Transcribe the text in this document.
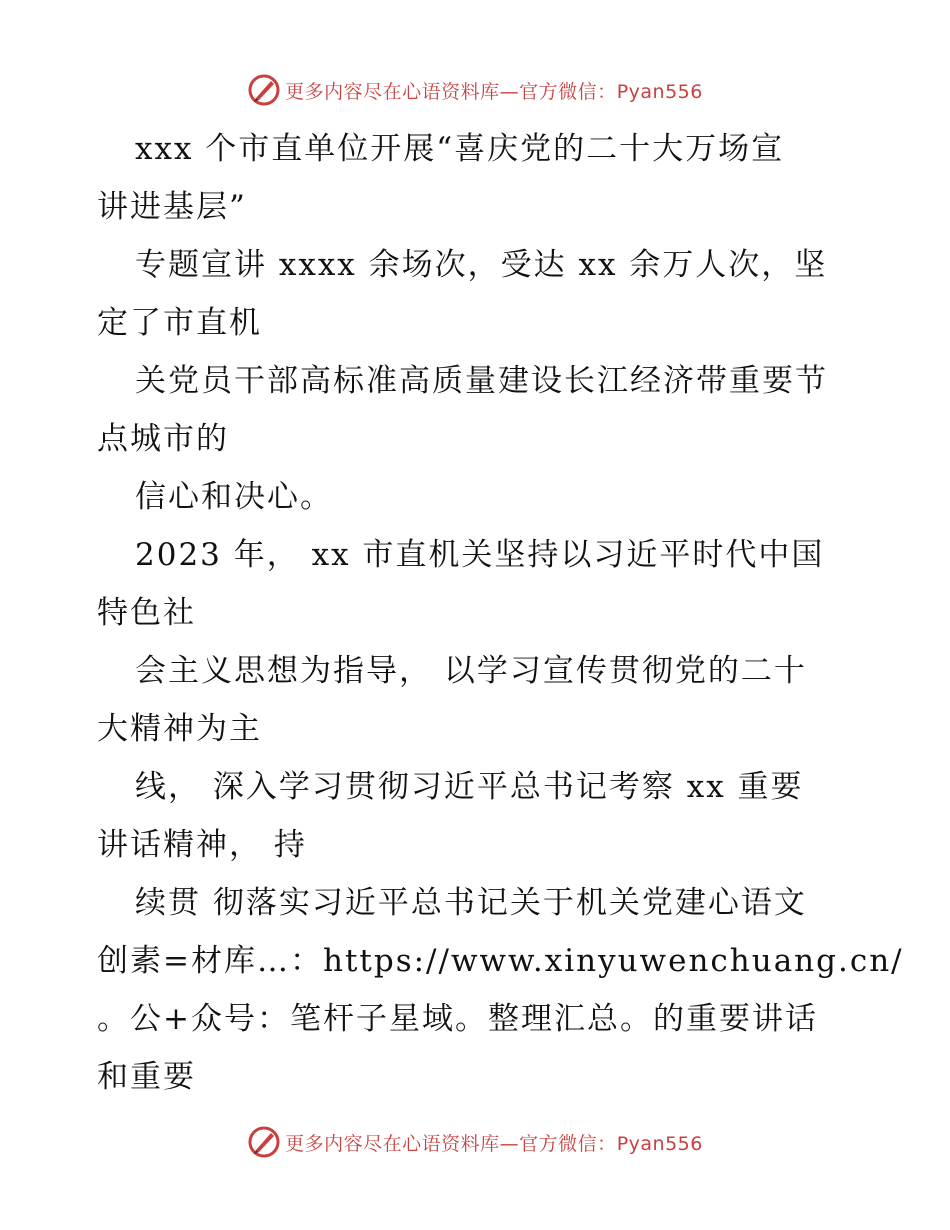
更多内容尽在心语资料库—官方微信：Pyan556
xxx 个市直单位开展“喜庆党的二十大万场宣
讲进基层”
专题宣讲 xxxx 余场次，受达 xx 余万人次，坚
定了市直机
关党员干部高标准高质量建设长江经济带重要节
点城市的
信心和决心。
2023 年， xx 市直机关坚持以习近平时代中国
特色社
会主义思想为指导， 以学习宣传贯彻党的二十
大精神为主
线， 深入学习贯彻习近平总书记考察 xx 重要
讲话精神， 持
续贯 彻落实习近平总书记关于机关党建心语文
创素=材库…：https://www.xinyuwenchuang.cn/
。公+众号：笔杆子星域。整理汇总。的重要讲话
和重要
更多内容尽在心语资料库—官方微信：Pyan556
